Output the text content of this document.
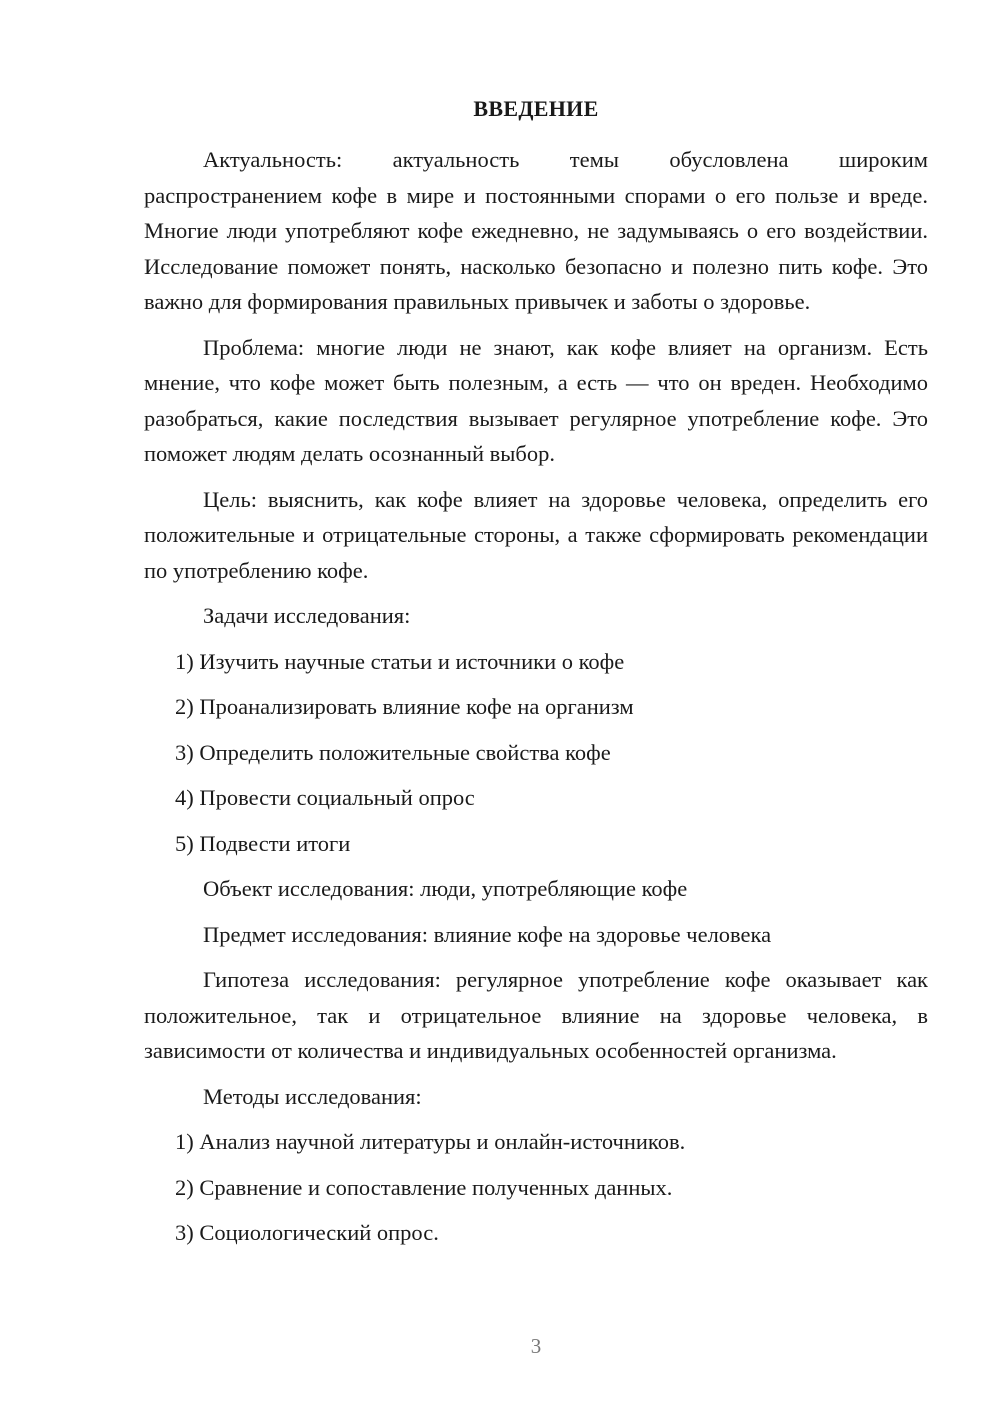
ВВЕДЕНИЕ

Актуальность: актуальность темы обусловлена широким распространением кофе в мире и постоянными спорами о его пользе и вреде. Многие люди употребляют кофе ежедневно, не задумываясь о его воздействии. Исследование поможет понять, насколько безопасно и полезно пить кофе. Это важно для формирования правильных привычек и заботы о здоровье.

Проблема: многие люди не знают, как кофе влияет на организм. Есть мнение, что кофе может быть полезным, а есть — что он вреден. Необходимо разобраться, какие последствия вызывает регулярное употребление кофе. Это поможет людям делать осознанный выбор.

Цель: выяснить, как кофе влияет на здоровье человека, определить его положительные и отрицательные стороны, а также сформировать рекомендации по употреблению кофе.

Задачи исследования:

1) Изучить научные статьи и источники о кофе

2) Проанализировать влияние кофе на организм

3) Определить положительные свойства кофе

4) Провести социальный опрос

5) Подвести итоги

Объект исследования: люди, употребляющие кофе

Предмет исследования: влияние кофе на здоровье человека

Гипотеза исследования: регулярное употребление кофе оказывает как положительное, так и отрицательное влияние на здоровье человека, в зависимости от количества и индивидуальных особенностей организма.

Методы исследования:

1) Анализ научной литературы и онлайн-источников.

2) Сравнение и сопоставление полученных данных.

3) Социологический опрос.

3
